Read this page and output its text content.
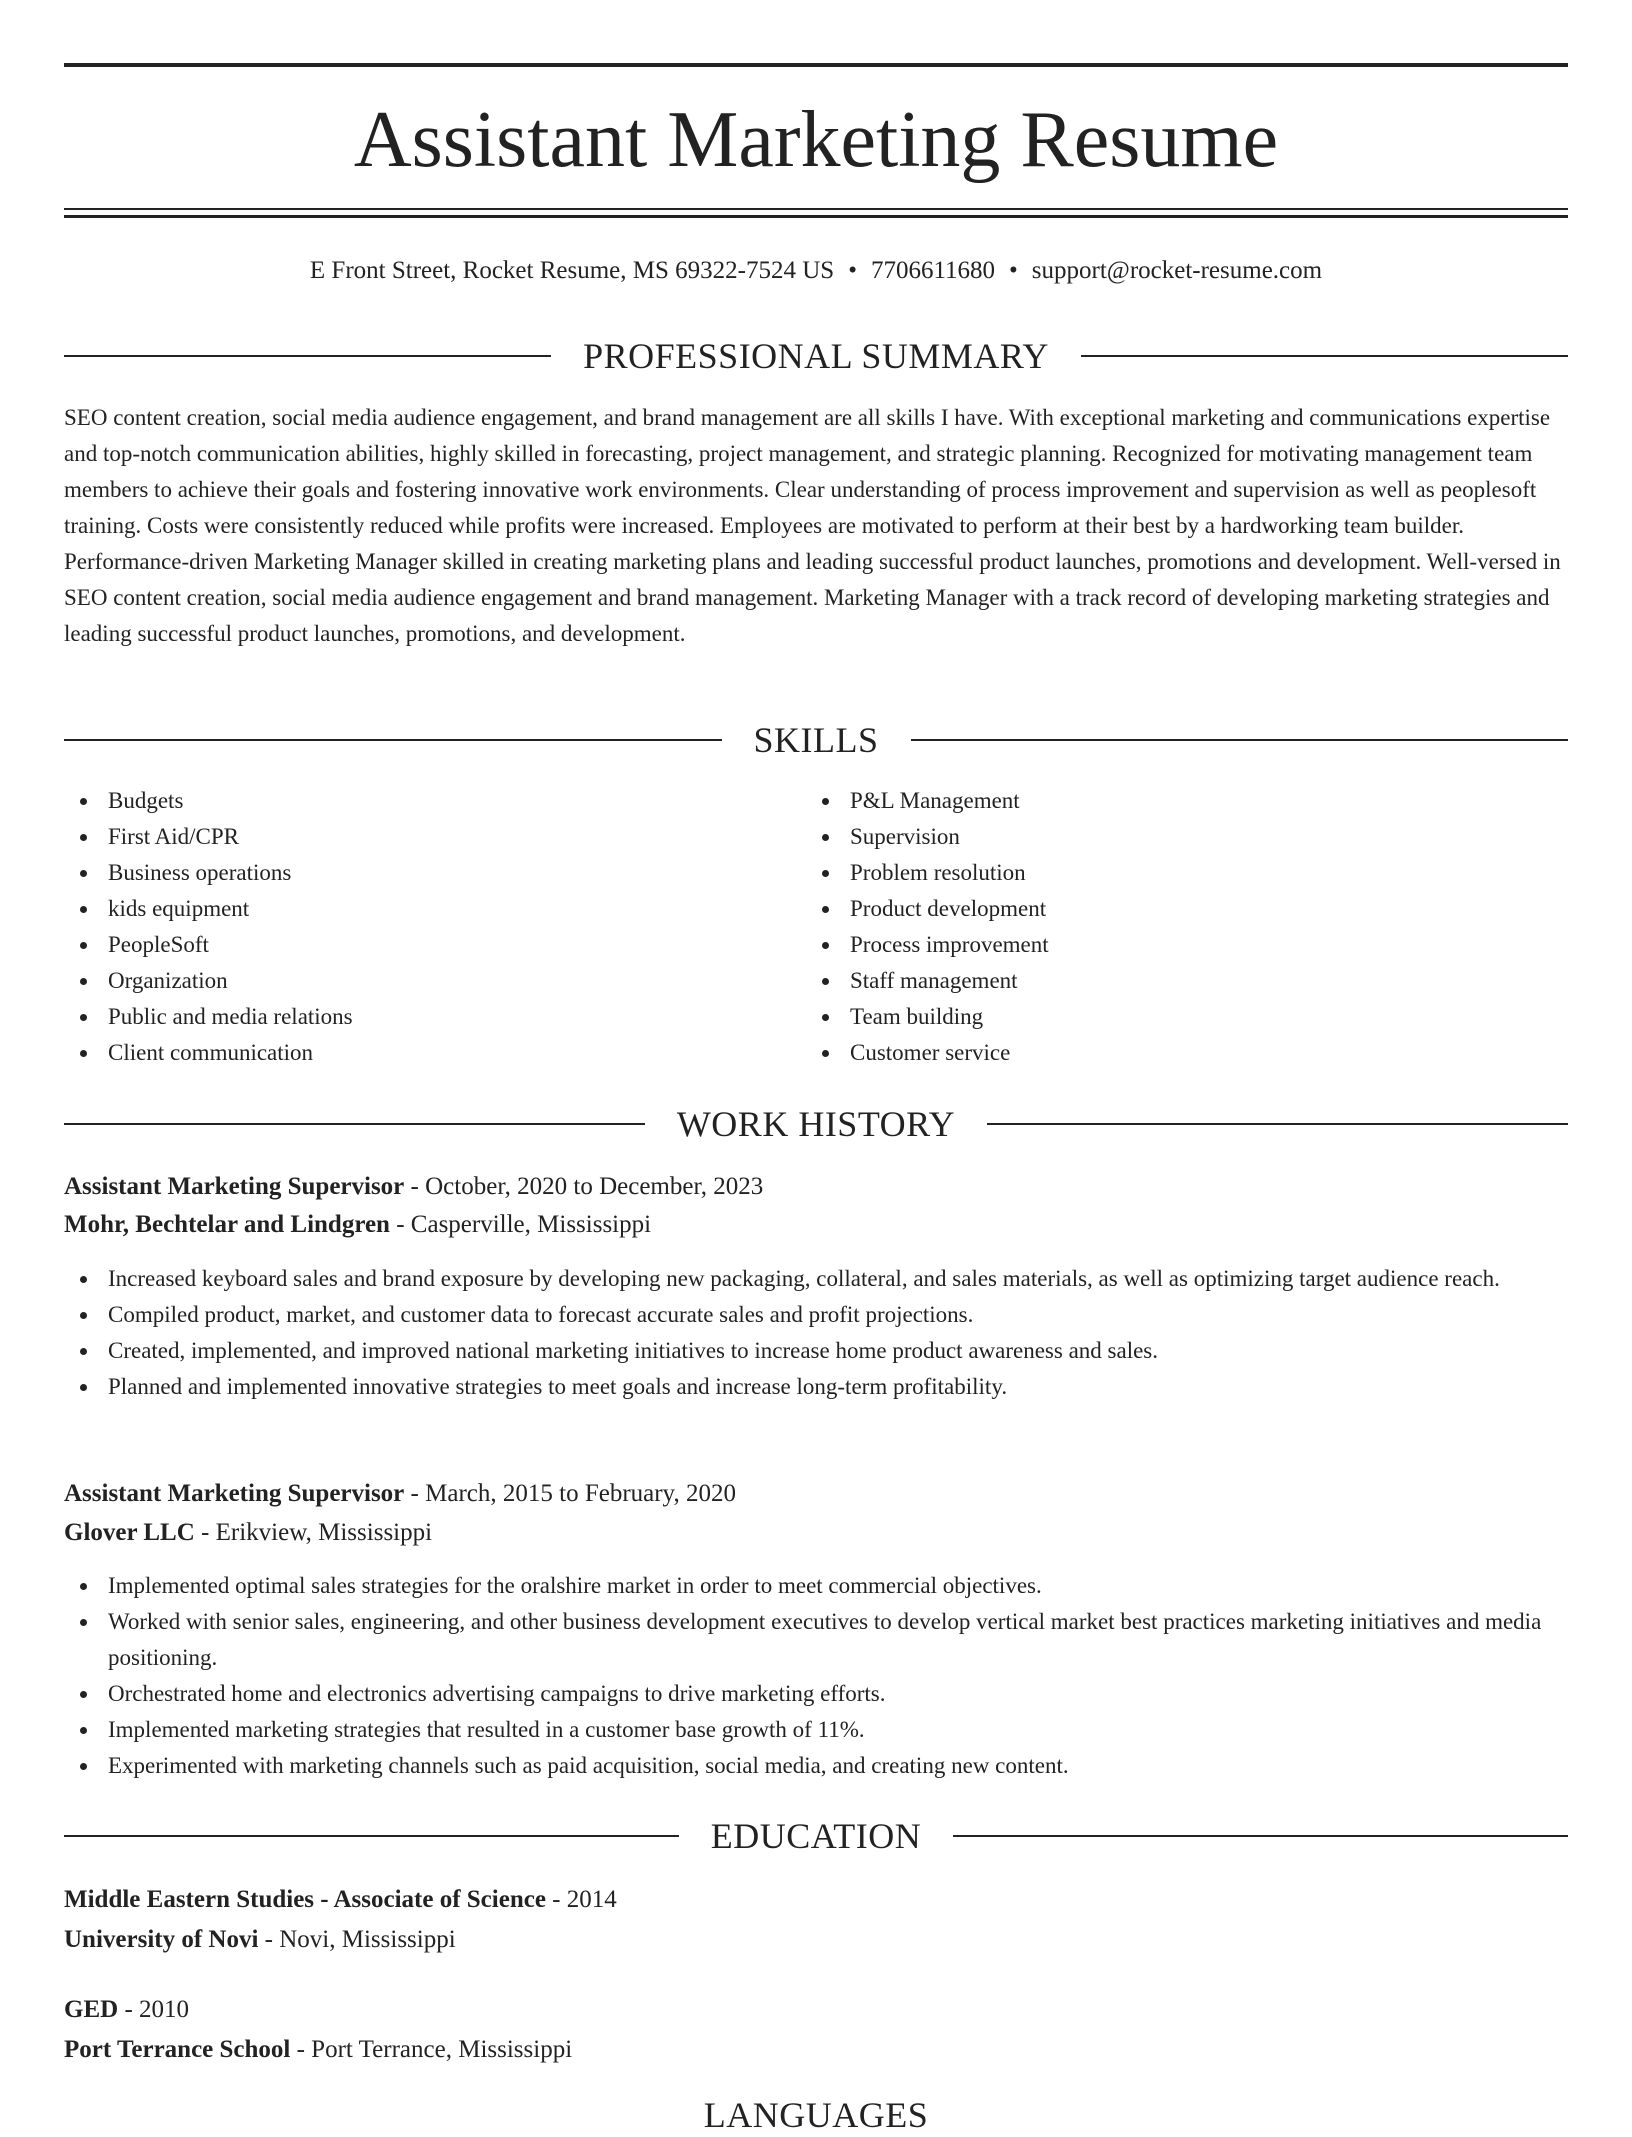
Assistant Marketing Resume
E Front Street, Rocket Resume, MS 69322-7524 US • 7706611680 • support@rocket-resume.com
PROFESSIONAL SUMMARY

SEO content creation, social media audience engagement, and brand management are all skills I have. With exceptional marketing and communications expertise and top-notch communication abilities, highly skilled in forecasting, project management, and strategic planning. Recognized for motivating management team members to achieve their goals and fostering innovative work environments. Clear understanding of process improvement and supervision as well as peoplesoft training. Costs were consistently reduced while profits were increased. Employees are motivated to perform at their best by a hardworking team builder. Performance-driven Marketing Manager skilled in creating marketing plans and leading successful product launches, promotions and development. Well-versed in SEO content creation, social media audience engagement and brand management. Marketing Manager with a track record of developing marketing strategies and leading successful product launches, promotions, and development.

SKILLS
Budgets
First Aid/CPR
Business operations
kids equipment
PeopleSoft
Organization
Public and media relations
Client communication
P&L Management
Supervision
Problem resolution
Product development
Process improvement
Staff management
Team building
Customer service
WORK HISTORY
Assistant Marketing Supervisor - October, 2020 to December, 2023
Mohr, Bechtelar and Lindgren - Casperville, Mississippi
Increased keyboard sales and brand exposure by developing new packaging, collateral, and sales materials, as well as optimizing target audience reach.
Compiled product, market, and customer data to forecast accurate sales and profit projections.
Created, implemented, and improved national marketing initiatives to increase home product awareness and sales.
Planned and implemented innovative strategies to meet goals and increase long-term profitability.
Assistant Marketing Supervisor - March, 2015 to February, 2020
Glover LLC - Erikview, Mississippi
Implemented optimal sales strategies for the oralshire market in order to meet commercial objectives.
Worked with senior sales, engineering, and other business development executives to develop vertical market best practices marketing initiatives and media positioning.
Orchestrated home and electronics advertising campaigns to drive marketing efforts.
Implemented marketing strategies that resulted in a customer base growth of 11%.
Experimented with marketing channels such as paid acquisition, social media, and creating new content.
EDUCATION
Middle Eastern Studies - Associate of Science - 2014
University of Novi - Novi, Mississippi
GED - 2010
Port Terrance School - Port Terrance, Mississippi
LANGUAGES
